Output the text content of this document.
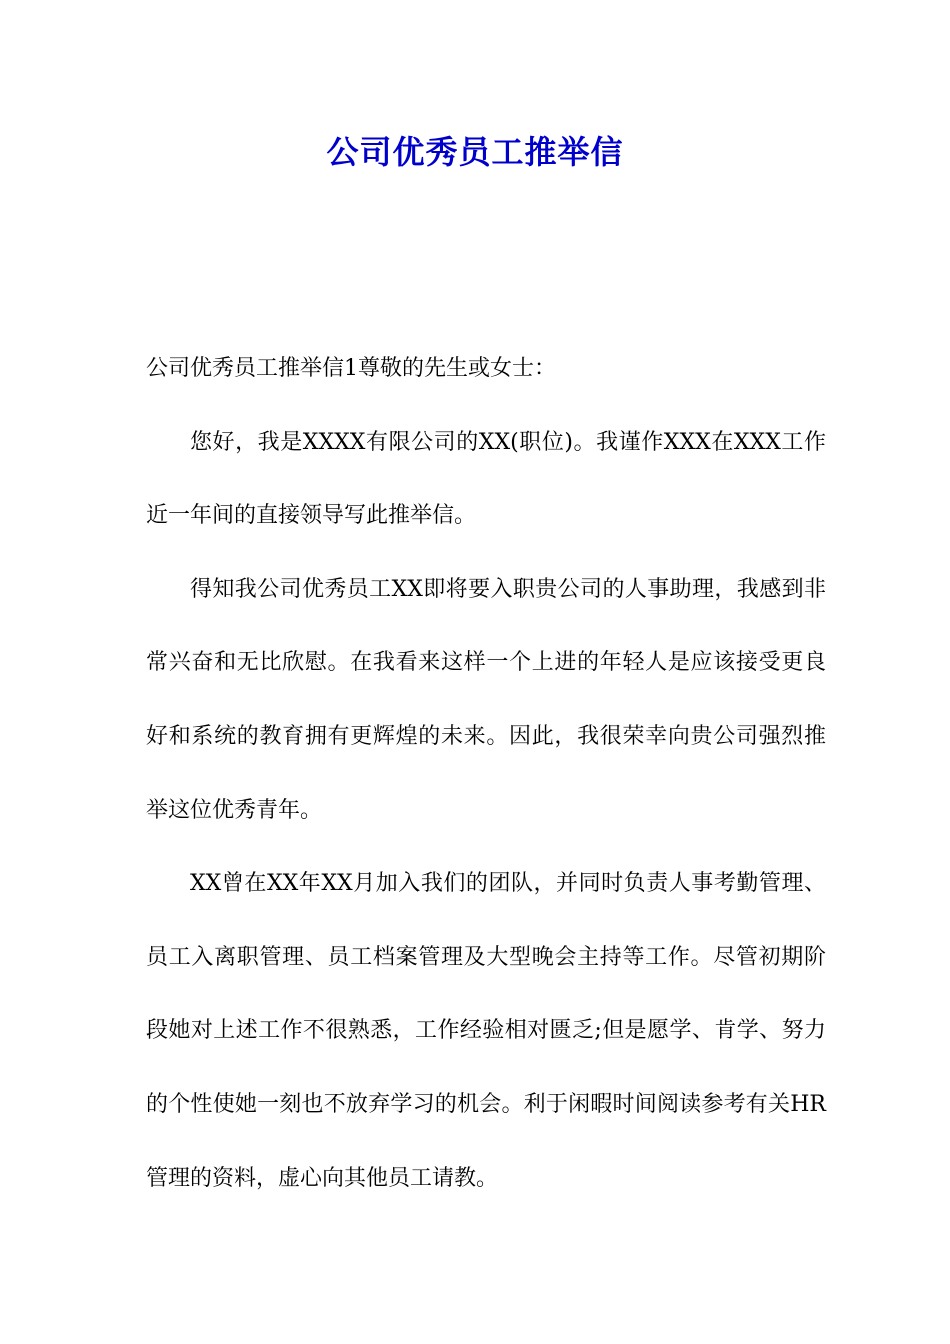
公司优秀员工推举信

公司优秀员工推举信1尊敬的先生或女士：

您好，我是XXXX有限公司的XX(职位)。我谨作XXX在XXX工作近一年间的直接领导写此推举信。

得知我公司优秀员工XX即将要入职贵公司的人事助理，我感到非常兴奋和无比欣慰。在我看来这样一个上进的年轻人是应该接受更良好和系统的教育拥有更辉煌的未来。因此，我很荣幸向贵公司强烈推举这位优秀青年。

XX曾在XX年XX月加入我们的团队，并同时负责人事考勤管理、员工入离职管理、员工档案管理及大型晚会主持等工作。尽管初期阶段她对上述工作不很熟悉，工作经验相对匮乏;但是愿学、肯学、努力的个性使她一刻也不放弃学习的机会。利于闲暇时间阅读参考有关HR管理的资料，虚心向其他员工请教。
